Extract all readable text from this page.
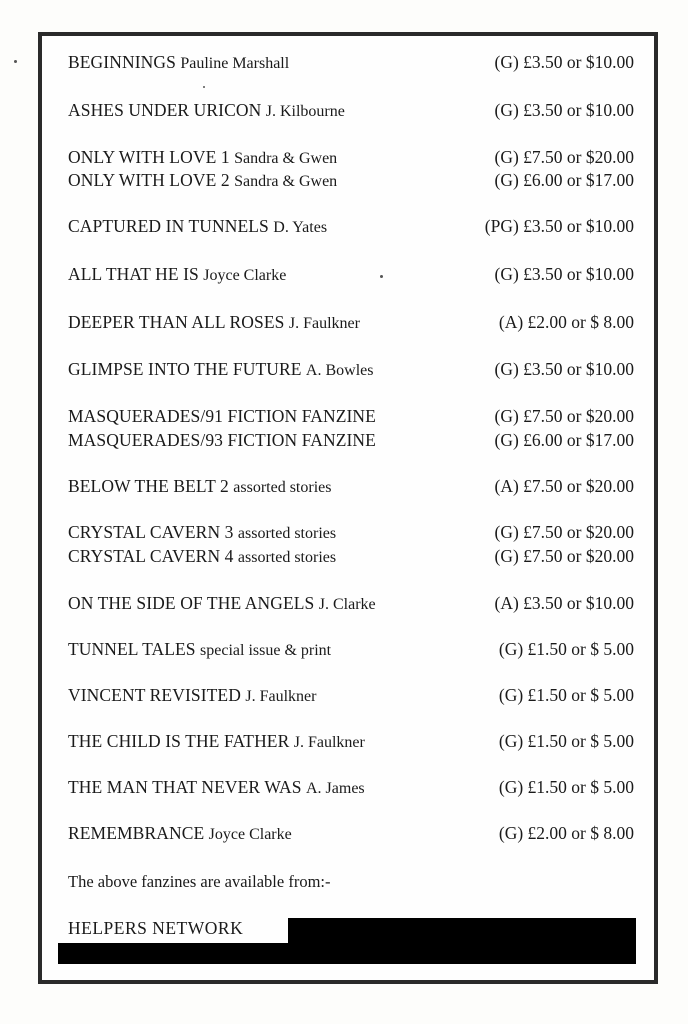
BEGINNINGS Pauline Marshall	(G) £3.50 or $10.00
ASHES UNDER URICON J. Kilbourne	(G) £3.50 or $10.00
ONLY WITH LOVE 1 Sandra & Gwen	(G) £7.50 or $20.00
ONLY WITH LOVE 2 Sandra & Gwen	(G) £6.00 or $17.00
CAPTURED IN TUNNELS D. Yates	(PG) £3.50 or $10.00
ALL THAT HE IS Joyce Clarke	(G) £3.50 or $10.00
DEEPER THAN ALL ROSES J. Faulkner	(A) £2.00 or $ 8.00
GLIMPSE INTO THE FUTURE A. Bowles	(G) £3.50 or $10.00
MASQUERADES/91 FICTION FANZINE	(G) £7.50 or $20.00
MASQUERADES/93 FICTION FANZINE	(G) £6.00 or $17.00
BELOW THE BELT 2 assorted stories	(A) £7.50 or $20.00
CRYSTAL CAVERN 3 assorted stories	(G) £7.50 or $20.00
CRYSTAL CAVERN 4 assorted stories	(G) £7.50 or $20.00
ON THE SIDE OF THE ANGELS J. Clarke	(A) £3.50 or $10.00
TUNNEL TALES special issue & print	(G) £1.50 or $ 5.00
VINCENT REVISITED J. Faulkner	(G) £1.50 or $ 5.00
THE CHILD IS THE FATHER J. Faulkner	(G) £1.50 or $ 5.00
THE MAN THAT NEVER WAS A. James	(G) £1.50 or $ 5.00
REMEMBRANCE Joyce Clarke	(G) £2.00 or $ 8.00
The above fanzines are available from:-
HELPERS NETWORK
